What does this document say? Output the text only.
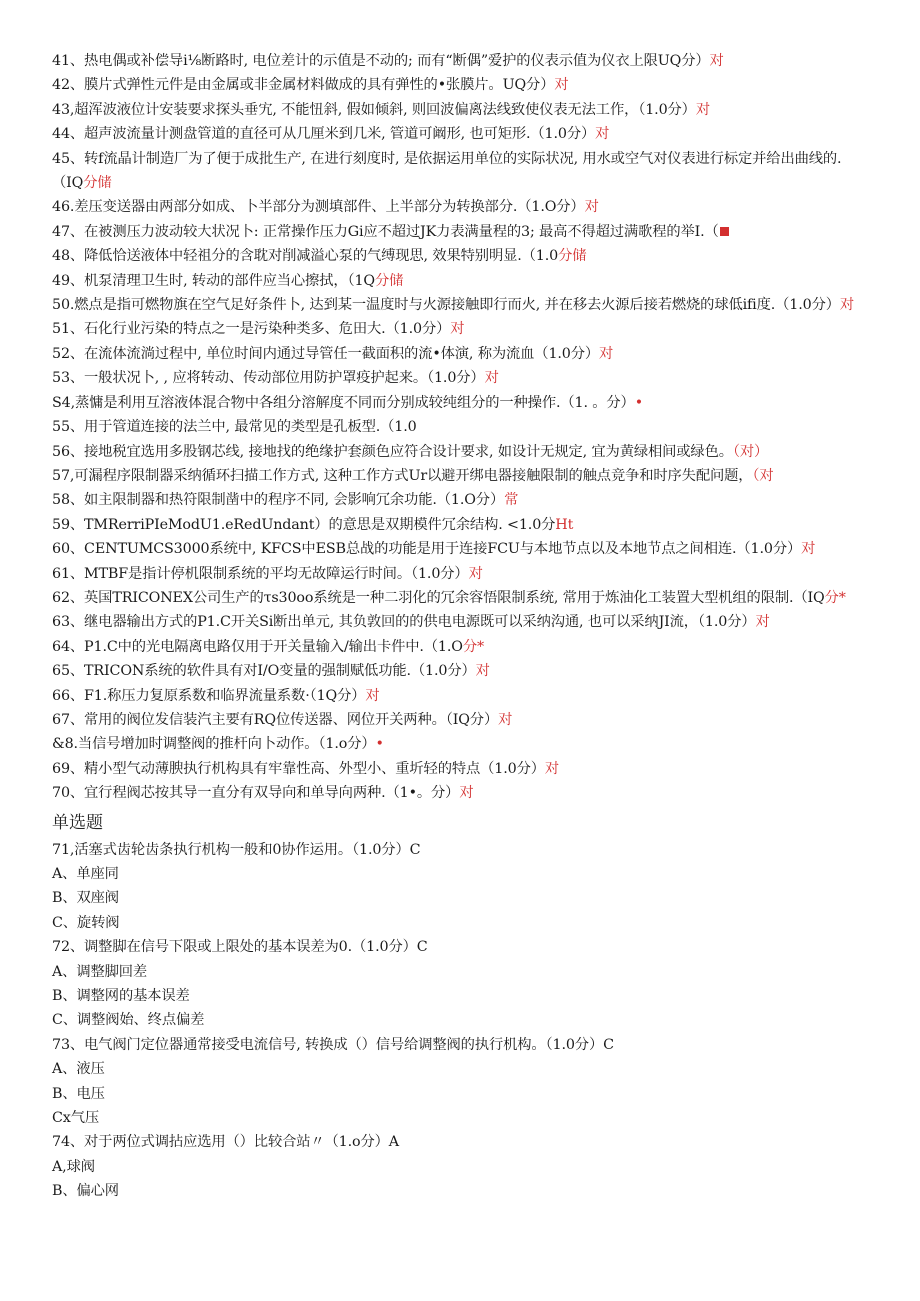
41、热电偶或补偿导i⅛断路时, 电位差计的示值是不动的; 而有“断偶”爱护的仪表示值为仪衣上限UQ分）对
42、膜片式弹性元件是由金属或非金属材料做成的具有弹性的•张膜片。UQ分）对
43,超浑波液位计安装要求探头垂宄, 不能忸斜, 假如倾斜, 则回波偏离法线致使仪表无法工作，（1.0分）对
44、超声波流量计测盘管道的直径可从几厘米到几米, 管道可阚形, 也可矩形.（1.0分）对
45、转f流晶计制造厂为了便于成批生产, 在进行刻度时, 是依据运用单位的实际状况, 用水或空气对仪表进行标定并给出曲线的.（IQ分储
46.差压变送器由两部分如成、卜半部分为测填部件、上半部分为转换部分.（1.O分）对
47、在被测压力波动较大状况卜: 正常操作压力Gi应不超过JK力表满量程的3; 最高不得超过满歌程的举I.（
48、降低恰送液体中轻祖分的含耽对削减溢心泵的气缚现思, 效果特别明显.（1.0分储
49、机泵清理卫生时, 转动的部件应当心擦拭，（1Q分储
50.燃点是指可燃物旗在空气足好条件卜, 达到某一温度时与火源接触即行而火, 并在移去火源后接若燃烧的球低ifi度.（1.0分）对
51、石化行业污染的特点之一是污染种类多、危田大.（1.0分）对
52、在流体流淌过程中, 单位时间内通过导管任一截面积的流•体演, 称为流血（1.0分）对
53、一般状况卜, , 应将转动、传动部位用防护罩疫护起来。（1.0分）对
S4,蒸慵是利用互溶液体混合物中各组分溶解度不同而分别成较纯组分的一种操作.（1. 。分）•
55、用于管道连接的法兰中, 最常见的类型是孔板型.（1.0
56、接地税宜选用多股钢芯线, 接地找的绝缘护套颜色应符合设计要求, 如设计无规定, 宜为黄绿相间或绿色。（对）
57,可漏程序限制器采纳循环扫描工作方式, 这种工作方式Ur以避开绑电器接触限制的触点竞争和时序失配问题，（对
58、如主限制器和热符限制凿中的程序不同, 会影响冗余功能.（1.O分）常
59、TMRerriPIeModU1.eRedUndant）的意思是双期模件冗余结构. <1.0分Ht
60、CENTUMCS3000系统中, KFCS中ESB总战的功能是用于连接FCU与本地节点以及本地节点之间相连.（1.0分）对
61、MTBF是指计停机限制系统的平均无故障运行时间。（1.0分）对
62、英国TRICONEX公司生产的τs30oo系统是一种二羽化的冗余容悟限制系统, 常用于炼油化工装置大型机组的限制.（IQ分*
63、继电器输出方式的P1.C开关Si断出单元, 其负敦回的的供电电源既可以采纳沟通, 也可以采纳JI流，（1.0分）对
64、P1.C中的光电隔离电路仅用于开关量输入/输出卡件中.（1.O分*
65、TRICON系统的软件具有对I/O变量的强制赋低功能.（1.0分）对
66、F1.称压力复原系数和临界流量系数·（1Q分）对
67、常用的阀位发信装汽主要有RQ位传送器、网位开关两种。（IQ分）对
&8.当信号增加时调整阀的推杆向卜动作。（1.o分）•
69、精小型气动薄腴执行机构具有牢靠性高、外型小、重圻轻的特点（1.0分）对
70、宜行程阀芯按其导一直分有双导向和单导向两种.（1•。分）对
单选题
71,活塞式齿轮齿条执行机构一般和0协作运用。（1.0分）C
A、单座同
B、双座阀
C、旋转阀
72、调整脚在信号下限或上限处的基本误差为0.（1.0分）C
A、调整脚回差
B、调整网的基本误差
C、调整阀始、终点偏差
73、电气阀门定位器通常接受电流信号, 转换成（）信号给调整阀的执行机构。（1.0分）C
A、液压
B、电压
Cx气压
74、对于两位式调拈应选用（）比较合站〃（1.o分）A
A,球阀
B、偏心网
